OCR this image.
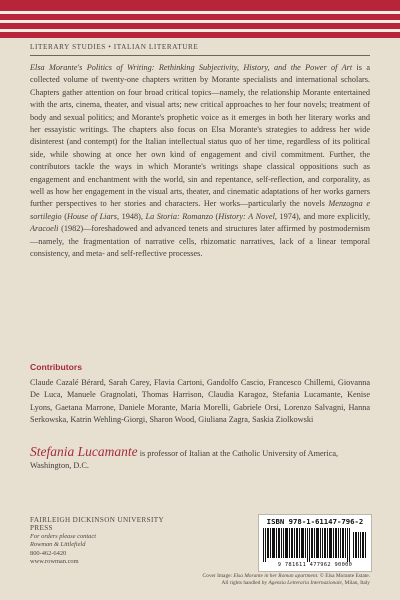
LITERARY STUDIES • ITALIAN LITERATURE

Elsa Morante's Politics of Writing: Rethinking Subjectivity, History, and the Power of Art is a collected volume of twenty-one chapters written by Morante specialists and international scholars. Chapters gather attention on four broad critical topics—namely, the relationship Morante entertained with the arts, cinema, theater, and visual arts; new critical approaches to her four novels; treatment of body and sexual politics; and Morante's prophetic voice as it emerges in both her literary works and her essayistic writings. The chapters also focus on Elsa Morante's strategies to address her wide disinterest (and contempt) for the Italian intellectual status quo of her time, regardless of its political side, while showing at once her own kind of engagement and civil commitment. Further, the contributors tackle the ways in which Morante's writings shape classical oppositions such as engagement and enchantment with the world, sin and repentance, self-reflection, and corporality, as well as how her engagement in the visual arts, theater, and cinematic adaptations of her works garners further perspectives to her stories and characters. Her works—particularly the novels Menzogna e sortilegio (House of Liars, 1948), La Storia: Romanzo (History: A Novel, 1974), and more explicitly, Aracoeli (1982)—foreshadowed and advanced tenets and structures later affirmed by postmodernism—namely, the fragmentation of narrative cells, rhizomatic narratives, lack of a linear temporal consistency, and meta- and self-reflective processes.

Contributors

Claude Cazalé Bérard, Sarah Carey, Flavia Cartoni, Gandolfo Cascio, Francesco Chillemi, Giovanna De Luca, Manuele Gragnolati, Thomas Harrison, Claudia Karagoz, Stefania Lucamante, Kenise Lyons, Gaetana Marrone, Daniele Morante, Maria Morelli, Gabriele Orsi, Lorenzo Salvagni, Hanna Serkowska, Katrin Wehling-Giorgi, Sharon Wood, Giuliana Zagra, Saskia Ziolkowski

Stefania Lucamante is professor of Italian at the Catholic University of America, Washington, D.C.

FAIRLEIGH DICKINSON UNIVERSITY PRESS
For orders please contact
Rowman & Littlefield
800-462-6420
www.rowman.com
ISBN 978-1-61147-796-2
9 781611 477962 90000
Cover Image: Elsa Morante in her Roman apartment. © Elsa Morante Estate.
All rights handled by Agenzia Letteraria Internazionale, Milan, Italy
